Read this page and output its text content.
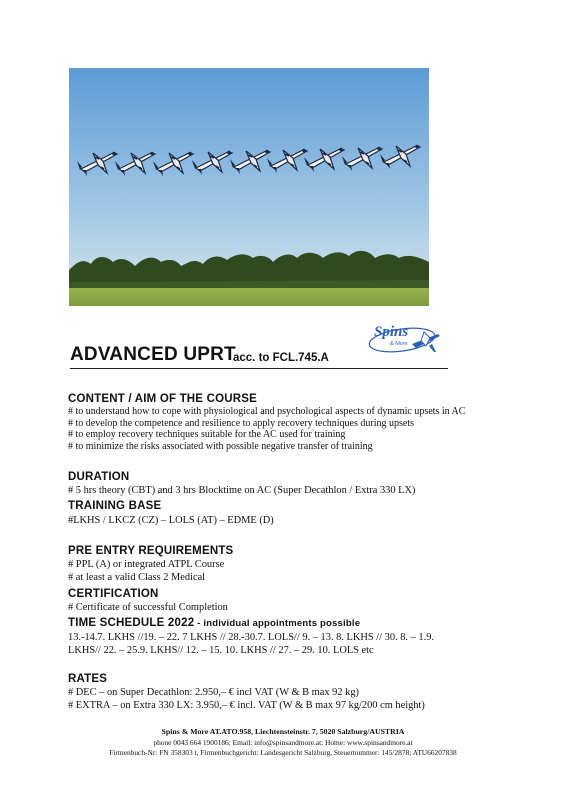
Spins
& More
ADVANCED UPRT
acc. to FCL.745.A
CONTENT / AIM OF THE COURSE
# to understand how to cope with physiological and psychological aspects of dynamic upsets in AC
# to develop the competence and resilience to apply recovery techniques during upsets
# to employ recovery techniques suitable for the AC used for training
# to minimize the risks associated with possible negative transfer of training
DURATION
# 5 hrs theory (CBT) and 3 hrs Blocktime on AC (Super Decathlon / Extra 330 LX)
TRAINING BASE
#LKHS / LKCZ (CZ) – LOLS (AT) – EDME (D)
PRE ENTRY REQUIREMENTS
# PPL (A) or integrated ATPL Course
# at least a valid Class 2 Medical
CERTIFICATION
# Certificate of successful Completion
TIME SCHEDULE 2022 - individual appointments possible
13.-14.7. LKHS //19. – 22. 7 LKHS // 28.-30.7. LOLS// 9. – 13. 8. LKHS // 30. 8. – 1.9.
LKHS// 22. – 25.9. LKHS// 12. – 15. 10. LKHS // 27. – 29. 10. LOLS etc
RATES
# DEC – on Super Decathlon: 2.950,– € incl VAT (W & B max 92 kg)
# EXTRA – on Extra 330 LX: 3.950,– € incl. VAT (W & B max 97 kg/200 cm height)
Spins & More AT.ATO.958, Liechtensteinstr. 7, 5020 Salzburg/AUSTRIA
phone 0043 664 1900186; Email: info@spinsandmore.at; Home: www.spinsandmore.at
Firmenbuch-Nr: FN 358303 t, Firmenbuchgericht: Landesgericht Salzburg, Steuernummer: 145/2878; ATU66207838
